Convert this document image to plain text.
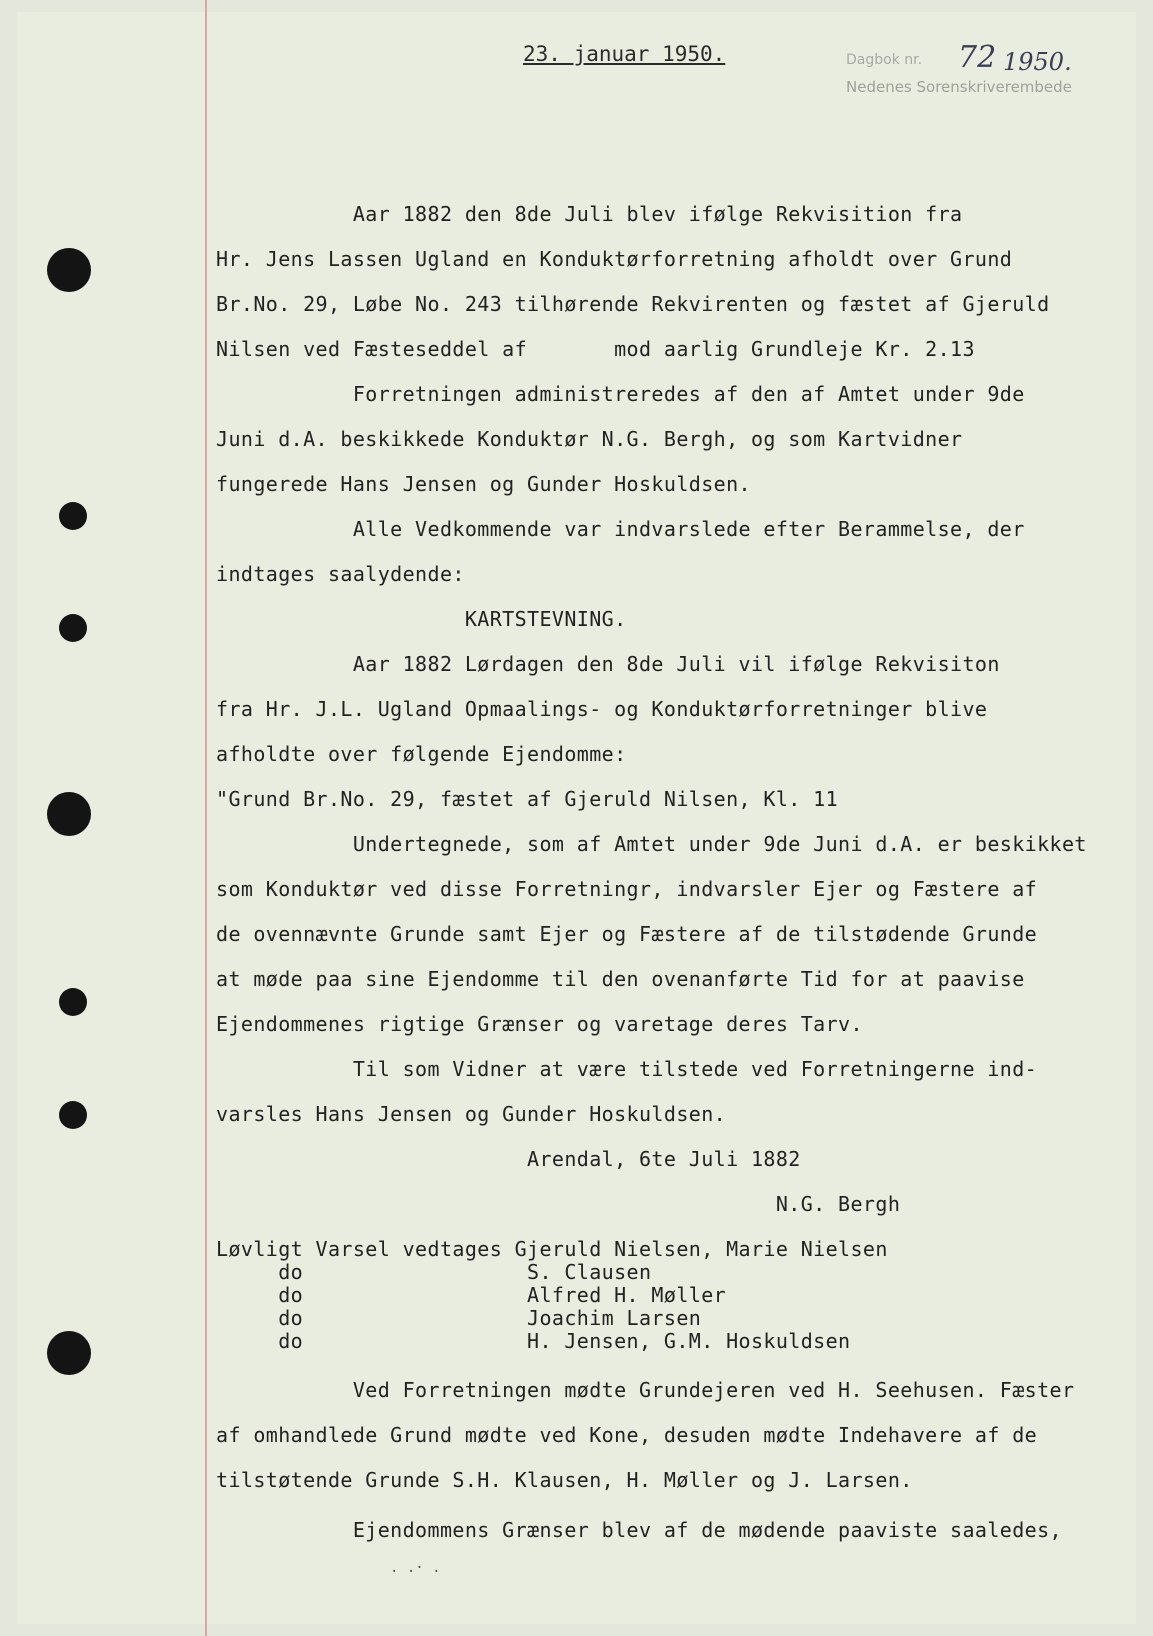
23. januar 1950.	Dagbok nr. 72 1950.
Nedenes Sorenskriverembede
Aar 1882 den 8de Juli blev ifølge Rekvisition fra
Hr. Jens Lassen Ugland en Konduktørforretning afholdt over Grund
Br.No. 29, Løbe No. 243 tilhørende Rekvirenten og fæstet af Gjeruld
Nilsen ved Fæsteseddel af       mod aarlig Grundleje Kr. 2.13
Forretningen administreredes af den af Amtet under 9de
Juni d.A. beskikkede Konduktør N.G. Bergh, og som Kartvidner
fungerede Hans Jensen og Gunder Hoskuldsen.
Alle Vedkommende var indvarslede efter Berammelse, der
indtages saalydende:
KARTSTEVNING.
Aar 1882 Lørdagen den 8de Juli vil ifølge Rekvisiton
fra Hr. J.L. Ugland Opmaalings- og Konduktørforretninger blive
afholdte over følgende Ejendomme:
"Grund Br.No. 29, fæstet af Gjeruld Nilsen, Kl. 11
Undertegnede, som af Amtet under 9de Juni d.A. er beskikket
som Konduktør ved disse Forretningr, indvarsler Ejer og Fæstere af
de ovennævnte Grunde samt Ejer og Fæstere af de tilstødende Grunde
at møde paa sine Ejendomme til den ovenanførte Tid for at paavise
Ejendommenes rigtige Grænser og varetage deres Tarv.
Til som Vidner at være tilstede ved Forretningerne ind-
varsles Hans Jensen og Gunder Hoskuldsen.
Arendal, 6te Juli 1882
N.G. Bergh
Løvligt Varsel vedtages Gjeruld Nielsen, Marie Nielsen
do                  S. Clausen
do                  Alfred H. Møller
do                  Joachim Larsen
do                  H. Jensen, G.M. Hoskuldsen
Ved Forretningen mødte Grundejeren ved H. Seehusen. Fæster
af omhandlede Grund mødte ved Kone, desuden mødte Indehavere af de
tilstøtende Grunde S.H. Klausen, H. Møller og J. Larsen.
Ejendommens Grænser blev af de mødende paaviste saaledes,
. .· .
